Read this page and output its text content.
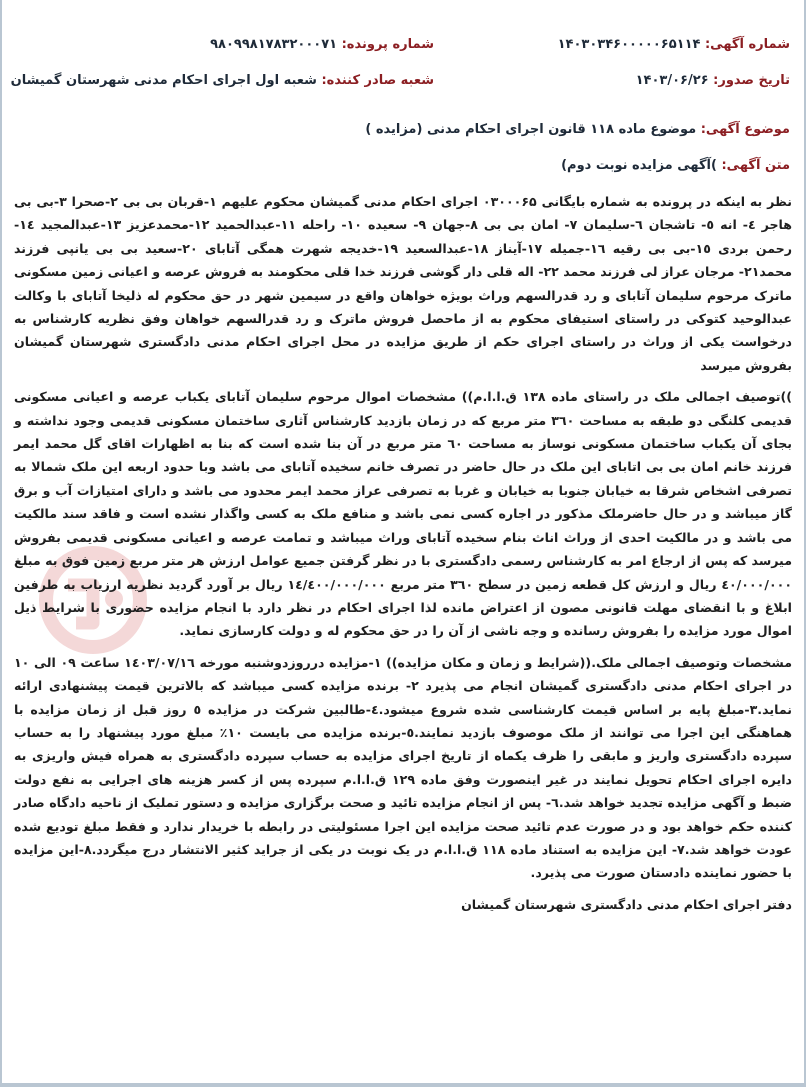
شماره آگهی: ۱۴۰۳۰۳۴۶۰۰۰۰۰۶۵۱۱۴
شماره پرونده: ۹۸۰۹۹۸۱۷۸۳۲۰۰۰۷۱
تاریخ صدور: ۱۴۰۳/۰۶/۲۶
شعبه صادر کننده: شعبه اول اجرای احکام مدنی شهرستان گمیشان
موضوع آگهی: موضوع ماده ۱۱۸ قانون اجرای احکام مدنی (مزایده )
متن آگهی: )آگهی مزایده نوبت دوم)

نظر به اینکه در پرونده به شماره بایگانی ۰۳۰۰۰۶۵ اجرای احکام مدنی گمیشان محکوم علیهم ۱-قربان بی بی ۲-صحرا ۳-بی بی هاجر ٤- انه ٥- تاشجان ٦-سلیمان ۷- امان بی بی ۸-جهان ۹- سعیده ۱۰- راحله ۱۱-عبدالحمید ۱۲-محمدعزیز ۱۳-عبدالمجید ۱٤- رحمن بردی ۱٥-بی بی رقیه ۱٦-جمیله ۱۷-آیناز ۱۸-عبدالسعید ۱۹-خدیجه شهرت همگی آتابای ۲۰-سعید بی بی یانپی فرزند محمد۲۱- مرجان عراز لی فرزند محمد ۲۲- اله قلی دار گوشی فرزند خدا قلی محکومند به فروش عرصه و اعیانی زمین مسکونی ماترک مرحوم سلیمان آتابای و رد قدرالسهم وراث بویژه خواهان واقع در سیمین شهر در حق محکوم له ذلیخا آتابای با وکالت عبدالوحید کتوکی در راستای استیفای محکوم به از ماحصل فروش ماترک و رد قدرالسهم خواهان وفق نظریه کارشناس به درخواست یکی از وراث در راستای اجرای حکم از طریق مزایده در محل اجرای احکام مدنی دادگستری شهرستان گمیشان بفروش میرسد

))توصیف اجمالی ملک در راستای ماده ۱۳۸ ق.ا.ا.م)) مشخصات اموال مرحوم سلیمان آتابای یکباب عرصه و اعیانی مسکونی قدیمی کلنگی دو طبقه به مساحت ۳٦۰ متر مربع که در زمان بازدید کارشناس آثاری ساختمان مسکونی قدیمی وجود نداشته و بجای آن یکباب ساختمان مسکونی نوساز به مساحت ٦۰ متر مربع در آن بنا شده است که بنا به اظهارات اقای گل محمد ایمر فرزند خانم امان بی بی اتابای این ملک در حال حاضر در تصرف خانم سخیده آتابای می باشد وبا حدود اربعه این ملک شمالا به تصرفی اشخاص شرقا به خیابان جنوبا به خیابان و غربا به تصرفی عراز محمد ایمر محدود می باشد و دارای امتیازات آب و برق گاز میباشد و در حال حاضرملک مذکور در اجاره کسی نمی باشد و منافع ملک به کسی واگذار نشده است و فاقد سند مالکیت می باشد و در مالکیت احدی از وراث اناث بنام سخیده آتابای وراث میباشد و تمامت عرصه و اعیانی مسکونی قدیمی بفروش میرسد که پس از ارجاع امر به کارشناس رسمی دادگستری با در نظر گرفتن جمیع عوامل ارزش هر متر مربع زمین فوق به مبلغ ٤۰/۰۰۰/۰۰۰ ریال و ارزش کل قطعه زمین در سطح ۳٦۰ متر مربع ۱٤/٤۰۰/۰۰۰/۰۰۰ ریال بر آورد گردید نظریه ارزیاب به طرفین ابلاغ و با انقضای مهلت قانونی مصون از اعتراض مانده لذا اجرای احکام در نظر دارد با انجام مزایده حضوری با شرایط ذیل اموال مورد مزایده را بفروش رسانده و وجه ناشی از آن را در حق محکوم له و دولت کارسازی نماید.

مشخصات وتوصیف اجمالی ملک.((شرایط و زمان و مکان مزایده)) ۱-مزایده درروزدوشنبه مورخه ۱٤۰۳/۰۷/۱٦ ساعت ۰۹ الی ۱۰ در اجرای احکام مدنی دادگستری گمیشان انجام می پذیرد ۲- برنده مزایده کسی میباشد که بالاترین قیمت پیشنهادی ارائه نماید.۳-مبلغ پایه بر اساس قیمت کارشناسی شده شروع میشود.٤-طالبین شرکت در مزایده ٥ روز قبل از زمان مزایده با هماهنگی این اجرا می توانند از ملک موصوف بازدید نمایند.٥-برنده مزایده می بایست ۱۰٪ مبلغ مورد پیشنهاد را به حساب سپرده دادگستری واریز و مابقی را ظرف یکماه از تاریخ اجرای مزایده به حساب سپرده دادگستری به همراه فیش واریزی به دایره اجرای احکام تحویل نمایند در غیر اینصورت وفق ماده ۱۲۹ ق.ا.ا.م سپرده پس از کسر هزینه های اجرایی به نفع دولت ضبط و آگهی مزایده تجدید خواهد شد.٦- پس از انجام مزایده تائید و صحت برگزاری مزایده و دستور تملیک از ناحیه دادگاه صادر کننده حکم خواهد بود و در صورت عدم تائید صحت مزایده این اجرا مسئولیتی در رابطه با خریدار ندارد و فقط مبلغ تودیع شده عودت خواهد شد.۷- این مزایده به استناد ماده ۱۱۸ ق.ا.ا.م در یک نوبت در یکی از جراید کثیر الانتشار درج میگردد.۸-این مزایده با حضور نماینده دادستان صورت می پذیرد.

دفتر اجرای احکام مدنی دادگستری شهرستان گمیشان
